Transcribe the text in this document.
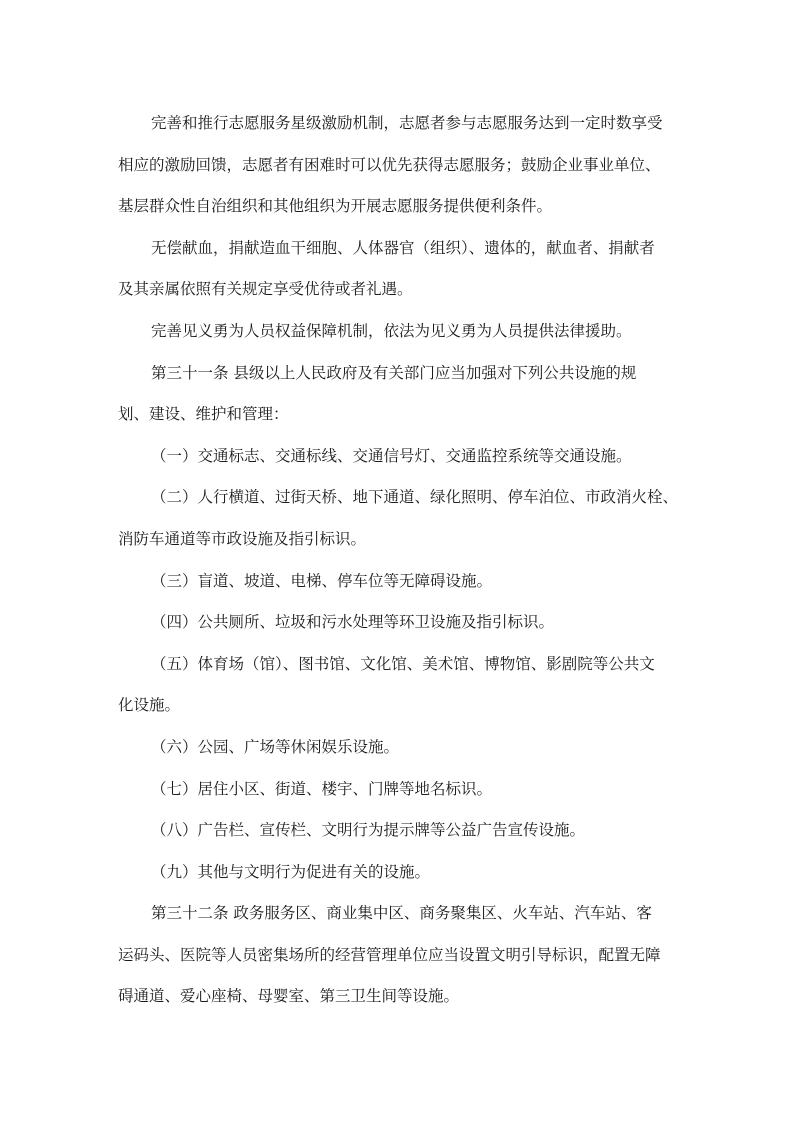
完善和推行志愿服务星级激励机制，志愿者参与志愿服务达到一定时数享受
相应的激励回馈，志愿者有困难时可以优先获得志愿服务；鼓励企业事业单位、
基层群众性自治组织和其他组织为开展志愿服务提供便利条件。
无偿献血，捐献造血干细胞、人体器官（组织）、遗体的，献血者、捐献者
及其亲属依照有关规定享受优待或者礼遇。
完善见义勇为人员权益保障机制，依法为见义勇为人员提供法律援助。
第三十一条 县级以上人民政府及有关部门应当加强对下列公共设施的规
划、建设、维护和管理：
（一）交通标志、交通标线、交通信号灯、交通监控系统等交通设施。
（二）人行横道、过街天桥、地下通道、绿化照明、停车泊位、市政消火栓、
消防车通道等市政设施及指引标识。
（三）盲道、坡道、电梯、停车位等无障碍设施。
（四）公共厕所、垃圾和污水处理等环卫设施及指引标识。
（五）体育场（馆）、图书馆、文化馆、美术馆、博物馆、影剧院等公共文
化设施。
（六）公园、广场等休闲娱乐设施。
（七）居住小区、街道、楼宇、门牌等地名标识。
（八）广告栏、宣传栏、文明行为提示牌等公益广告宣传设施。
（九）其他与文明行为促进有关的设施。
第三十二条 政务服务区、商业集中区、商务聚集区、火车站、汽车站、客
运码头、医院等人员密集场所的经营管理单位应当设置文明引导标识，配置无障
碍通道、爱心座椅、母婴室、第三卫生间等设施。
